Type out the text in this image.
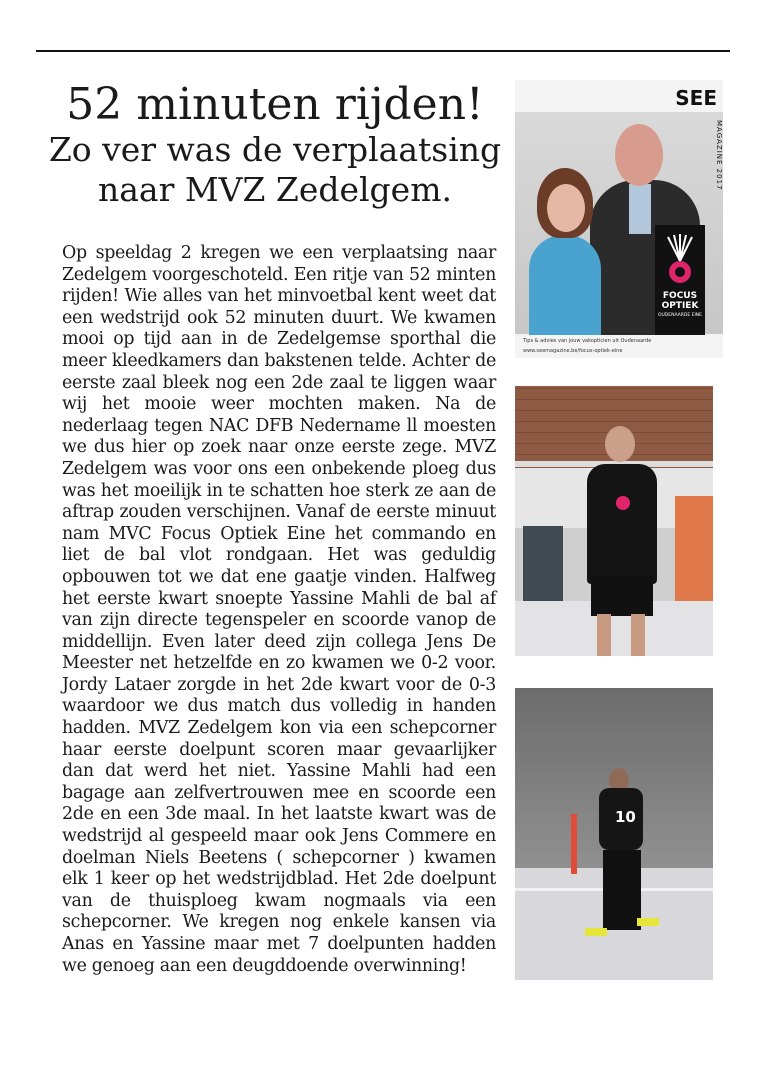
52 minuten rijden!
Zo ver was de verplaatsing
naar MVZ Zedelgem.

Op speeldag 2 kregen we een verplaatsing naar Zedelgem voorgeschoteld. Een ritje van 52 minten rijden! Wie alles van het minvoetbal kent weet dat een wedstrijd ook 52 minuten duurt. We kwamen mooi op tijd aan in de Zedelgemse sporthal die meer kleedkamers dan bakstenen telde. Achter de eerste zaal bleek nog een 2de zaal te liggen waar wij het mooie weer mochten maken. Na de nederlaag tegen NAC DFB Nedername ll moesten we dus hier op zoek naar onze eerste zege. MVZ Zedelgem was voor ons een onbekende ploeg dus was het moeilijk in te schatten hoe sterk ze aan de aftrap zouden verschijnen. Vanaf de eerste minuut nam MVC Focus Optiek Eine het commando en liet de bal vlot rondgaan. Het was geduldig opbouwen tot we dat ene gaatje vinden. Halfweg het eerste kwart snoepte Yassine Mahli de bal af van zijn directe tegenspeler en scoorde vanop de middellijn. Even later deed zijn collega Jens De Meester net hetzelfde en zo kwamen we 0-2 voor. Jordy Lataer zorgde in het 2de kwart voor de 0-3 waardoor we dus match dus volledig in handen hadden. MVZ Zedelgem kon via een schepcorner haar eerste doelpunt scoren maar gevaarlijker dan dat werd het niet. Yassine Mahli had een bagage aan zelfvertrouwen mee en scoorde een 2de en een 3de maal. In het laatste kwart was de wedstrijd al gespeeld maar ook Jens Commere en doelman Niels Beetens ( schepcorner ) kwamen elk 1 keer op het wedstrijdblad. Het 2de doelpunt van de thuisploeg kwam nogmaals via een schepcorner. We kregen nog enkele kansen via Anas en Yassine maar met 7 doelpunten hadden we genoeg aan een deugddoende overwinning!

SEE
MAGAZINE 2017
FOCUS OPTIEK
OUDENAARDE EINE
Tips & advies van jouw vakopticien uit Oudenaarde
www.seemagazine.be/focus-optiek-eine
10
